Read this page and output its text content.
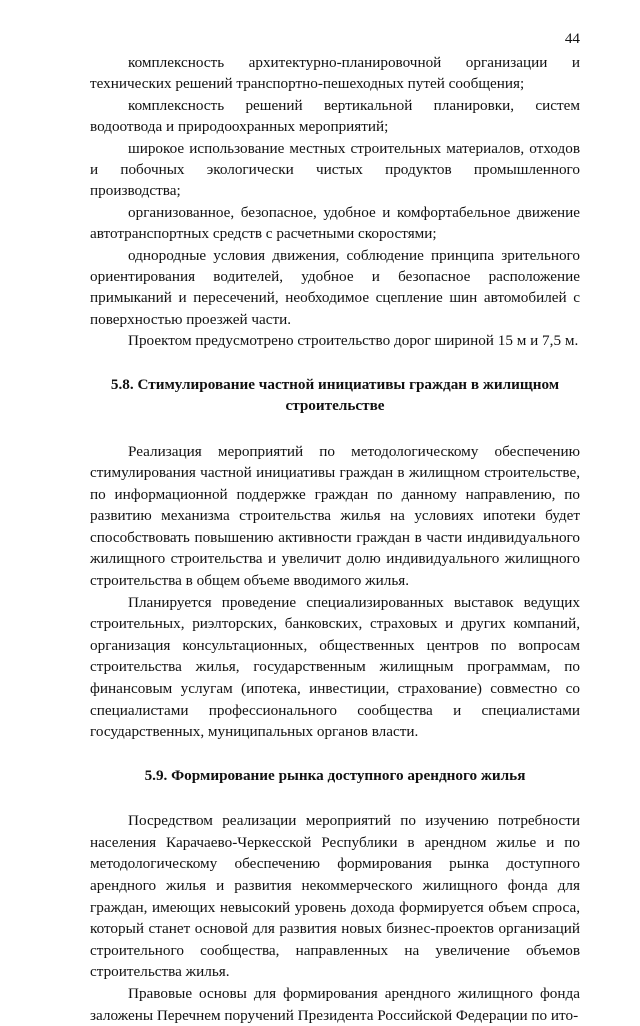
44

комплексность архитектурно-планировочной организации и технических решений транспортно-пешеходных путей сообщения;

комплексность решений вертикальной планировки, систем водоотвода и природоохранных мероприятий;

широкое использование местных строительных материалов, отходов и побочных экологически чистых продуктов промышленного производства;

организованное, безопасное, удобное и комфортабельное движение автотранспортных средств с расчетными скоростями;

однородные условия движения, соблюдение принципа зрительного ориентирования водителей, удобное и безопасное расположение примыканий и пересечений, необходимое сцепление шин автомобилей с поверхностью проезжей части.

Проектом предусмотрено строительство дорог шириной 15 м и 7,5 м.

5.8. Стимулирование частной инициативы граждан в жилищном строительстве

Реализация мероприятий по методологическому обеспечению стимулирования частной инициативы граждан в жилищном строительстве, по информационной поддержке граждан по данному направлению, по развитию механизма строительства жилья на условиях ипотеки будет способствовать повышению активности граждан в части индивидуального жилищного строительства и увеличит долю индивидуального жилищного строительства в общем объеме вводимого жилья.

Планируется проведение специализированных выставок ведущих строительных, риэлторских, банковских, страховых и других компаний, организация консультационных, общественных центров по вопросам строительства жилья, государственным жилищным программам, по финансовым услугам (ипотека, инвестиции, страхование) совместно со специалистами профессионального сообщества и специалистами государственных, муниципальных органов власти.

5.9. Формирование рынка доступного арендного жилья

Посредством реализации мероприятий по изучению потребности населения Карачаево-Черкесской Республики в арендном жилье и по методологическому обеспечению формирования рынка доступного арендного жилья и развития некоммерческого жилищного фонда для граждан, имеющих невысокий уровень дохода формируется объем спроса, который станет основой для развития новых бизнес-проектов организаций строительного сообщества, направленных на увеличение объемов строительства жилья.

Правовые основы для формирования арендного жилищного фонда заложены Перечнем поручений Президента Российской Федерации по ито-
